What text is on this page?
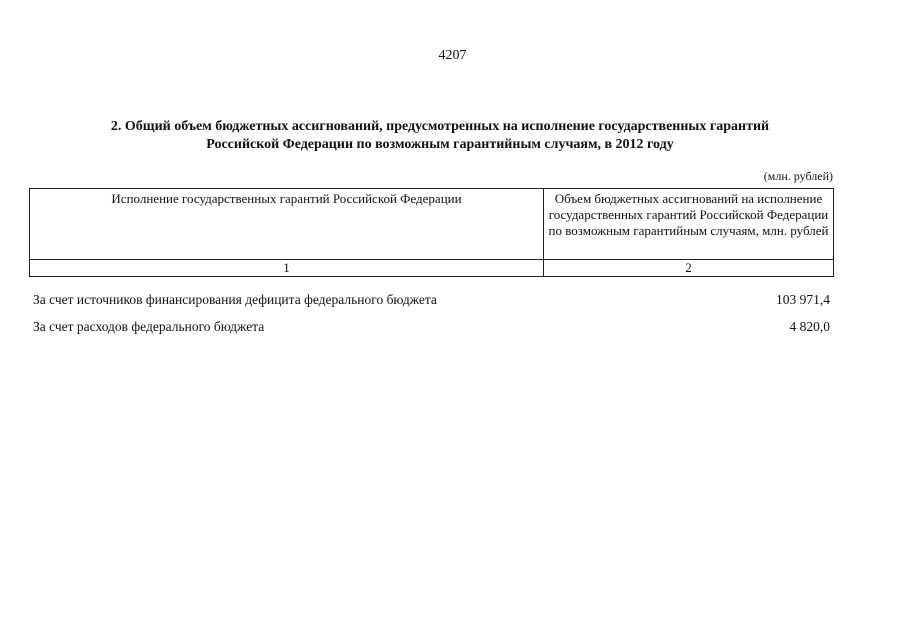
4207
2. Общий объем бюджетных ассигнований, предусмотренных на исполнение государственных гарантий
Российской Федерации по возможным гарантийным случаям, в 2012 году
(млн. рублей)
Исполнение государственных гарантий Российской Федерации	Объем бюджетных ассигнований на исполнение государственных гарантий Российской Федерации по возможным гарантийным случаям, млн. рублей
1	2
За счет источников финансирования дефицита федерального бюджета	103 971,4
За счет расходов федерального бюджета	4 820,0
